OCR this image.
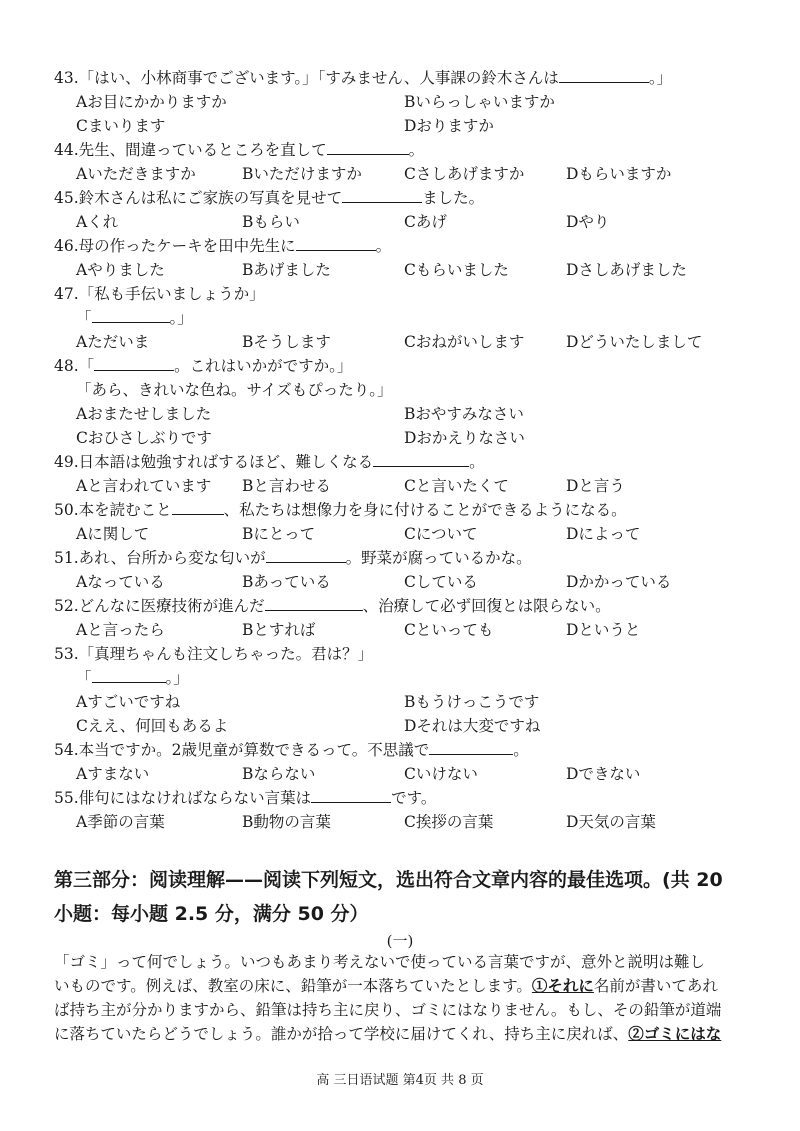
43.「はい、小林商事でございます。」「すみません、人事課の鈴木さんは	。」
Aお目にかかりますか	Bいらっしゃいますか
Cまいります	Dおりますか
44.先生、間違っているところを直して	。
Aいただきますか	Bいただけますか	Cさしあげますか	Dもらいますか
45.鈴木さんは私にご家族の写真を見せて	ました。
Aくれ	Bもらい	Cあげ	Dやり
46.母の作ったケーキを田中先生に	。
Aやりました	Bあげました	Cもらいました	Dさしあげました
47.「私も手伝いましょうか」
「	。」
Aただいま	Bそうします	Cおねがいします	Dどういたしまして
48.「	。これはいかがですか。」
「あら、きれいな色ね。サイズもぴったり。」
Aおまたせしました	Bおやすみなさい
Cおひさしぶりです	Dおかえりなさい
49.日本語は勉強すればするほど、難しくなる	。
Aと言われています Bと言わせる	Cと言いたくて	Dと言う
50.本を読むこと	、私たちは想像力を身に付けることができるようになる。
Aに関して	Bにとって	Cについて	Dによって
51.あれ、台所から変な匂いが	。野菜が腐っているかな。
Aなっている	Bあっている	Cしている	Dかかっている
52.どんなに医療技術が進んだ	、治療して必ず回復とは限らない。
Aと言ったら	Bとすれば	Cといっても	Dというと
53.「真理ちゃんも注文しちゃった。君は？」
「	。」
Aすごいですね	Bもうけっこうです
Cええ、何回もあるよ	Dそれは大変ですね
54.本当ですか。2歳児童が算数できるって。不思議で	。
Aすまない	Bならない	Cいけない	Dできない
55.俳句にはなければならない言葉は	です。
A季節の言葉	B動物の言葉	C挨拶の言葉	D天気の言葉
第三部分：阅读理解——阅读下列短文，选出符合文章内容的最佳选项。(共 20
小题：每小题 2.5 分，满分 50 分）
(一)

「ゴミ」って何でしょう。いつもあまり考えないで使っている言葉ですが、意外と説明は難し

いものです。例えば、教室の床に、鉛筆が一本落ちていたとします。①それに名前が書いてあれ

ば持ち主が分かりますから、鉛筆は持ち主に戻り、ゴミにはなりません。もし、その鉛筆が道端

に落ちていたらどうでしょう。誰かが拾って学校に届けてくれ、持ち主に戻れば、②ゴミにはな

高 三日语试题 第4页 共 8 页
